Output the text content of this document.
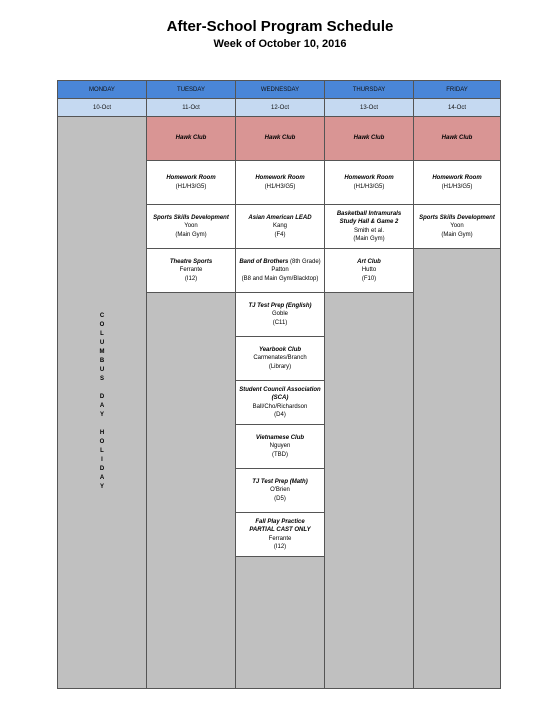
After-School Program Schedule
Week of October 10, 2016
MONDAY
10-Oct
C
O
L
U
M
B
U
S

D
A
Y

H
O
L
I
D
A
Y
TUESDAY
11-Oct
Hawk Club
Homework Room
(H1/H3/G5)
Sports Skills Development
Yoon
(Main Gym)
Theatre Sports
Ferrante
(I12)
WEDNESDAY
12-Oct
Hawk Club
Homework Room
(H1/H3/G5)
Asian American LEAD
Kang
(F4)
Band of Brothers (8th Grade)
Patton
(B8 and Main Gym/Blacktop)
TJ Test Prep (English)
Goble
(C11)
Yearbook Club
Carmenates/Branch
(Library)
Student Council Association
(SCA)
Ball/Cho/Richardson
(D4)
Vietnamese Club
Nguyen
(TBD)
TJ Test Prep (Math)
O'Brien
(D5)
Fall Play Practice
PARTIAL CAST ONLY
Ferrante
(I12)
THURSDAY
13-Oct
Hawk Club
Homework Room
(H1/H3/G5)
Basketball Intramurals
Study Hall & Game 2
Smith et al.
(Main Gym)
Art Club
Hutto
(F10)
FRIDAY
14-Oct
Hawk Club
Homework Room
(H1/H3/G5)
Sports Skills Development
Yoon
(Main Gym)
